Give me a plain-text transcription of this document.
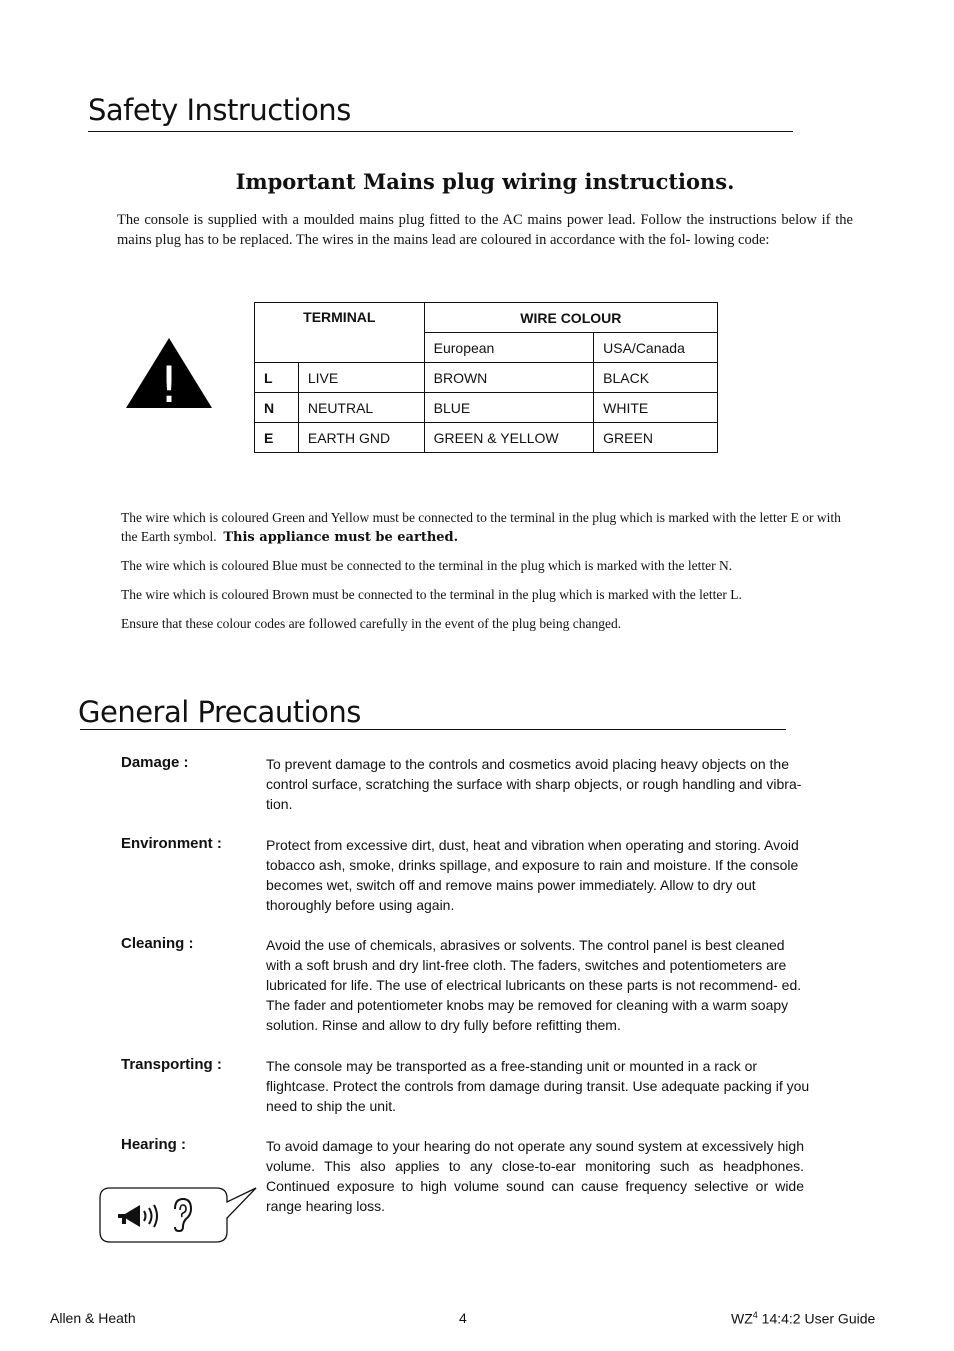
Safety Instructions
Important Mains plug wiring instructions.
The console is supplied with a moulded mains plug fitted to the AC mains power lead. Follow the instructions below if the mains plug has to be replaced. The wires in the mains lead are coloured in accordance with the fol- lowing code:
!
TERMINAL		WIRE COLOUR	
		European	USA/Canada
L	LIVE	BROWN	BLACK
N	NEUTRAL	BLUE	WHITE
E	EARTH GND	GREEN & YELLOW	GREEN
The wire which is coloured Green and Yellow must be connected to the terminal in the plug which is marked with the letter E or with the Earth symbol. This appliance must be earthed.
The wire which is coloured Blue must be connected to the terminal in the plug which is marked with the letter N.
The wire which is coloured Brown must be connected to the terminal in the plug which is marked with the letter L.
Ensure that these colour codes are followed carefully in the event of the plug being changed.
General Precautions
Damage :	To prevent damage to the controls and cosmetics avoid placing heavy objects on the control surface, scratching the surface with sharp objects, or rough handling and vibra- tion.
Environment :	Protect from excessive dirt, dust, heat and vibration when operating and storing. Avoid tobacco ash, smoke, drinks spillage, and exposure to rain and moisture. If the console becomes wet, switch off and remove mains power immediately. Allow to dry out thoroughly before using again.
Cleaning :	Avoid the use of chemicals, abrasives or solvents. The control panel is best cleaned with a soft brush and dry lint-free cloth. The faders, switches and potentiometers are lubricated for life. The use of electrical lubricants on these parts is not recommend- ed. The fader and potentiometer knobs may be removed for cleaning with a warm soapy solution. Rinse and allow to dry fully before refitting them.
Transporting :	The console may be transported as a free-standing unit or mounted in a rack or flightcase. Protect the controls from damage during transit. Use adequate packing if you need to ship the unit.
Hearing :	To avoid damage to your hearing do not operate any sound system at excessively high volume. This also applies to any close-to-ear monitoring such as headphones. Continued exposure to high volume sound can cause frequency selective or wide range hearing loss.
Allen & Heath	4	$WZ^4$ 14:4:2 User Guide
